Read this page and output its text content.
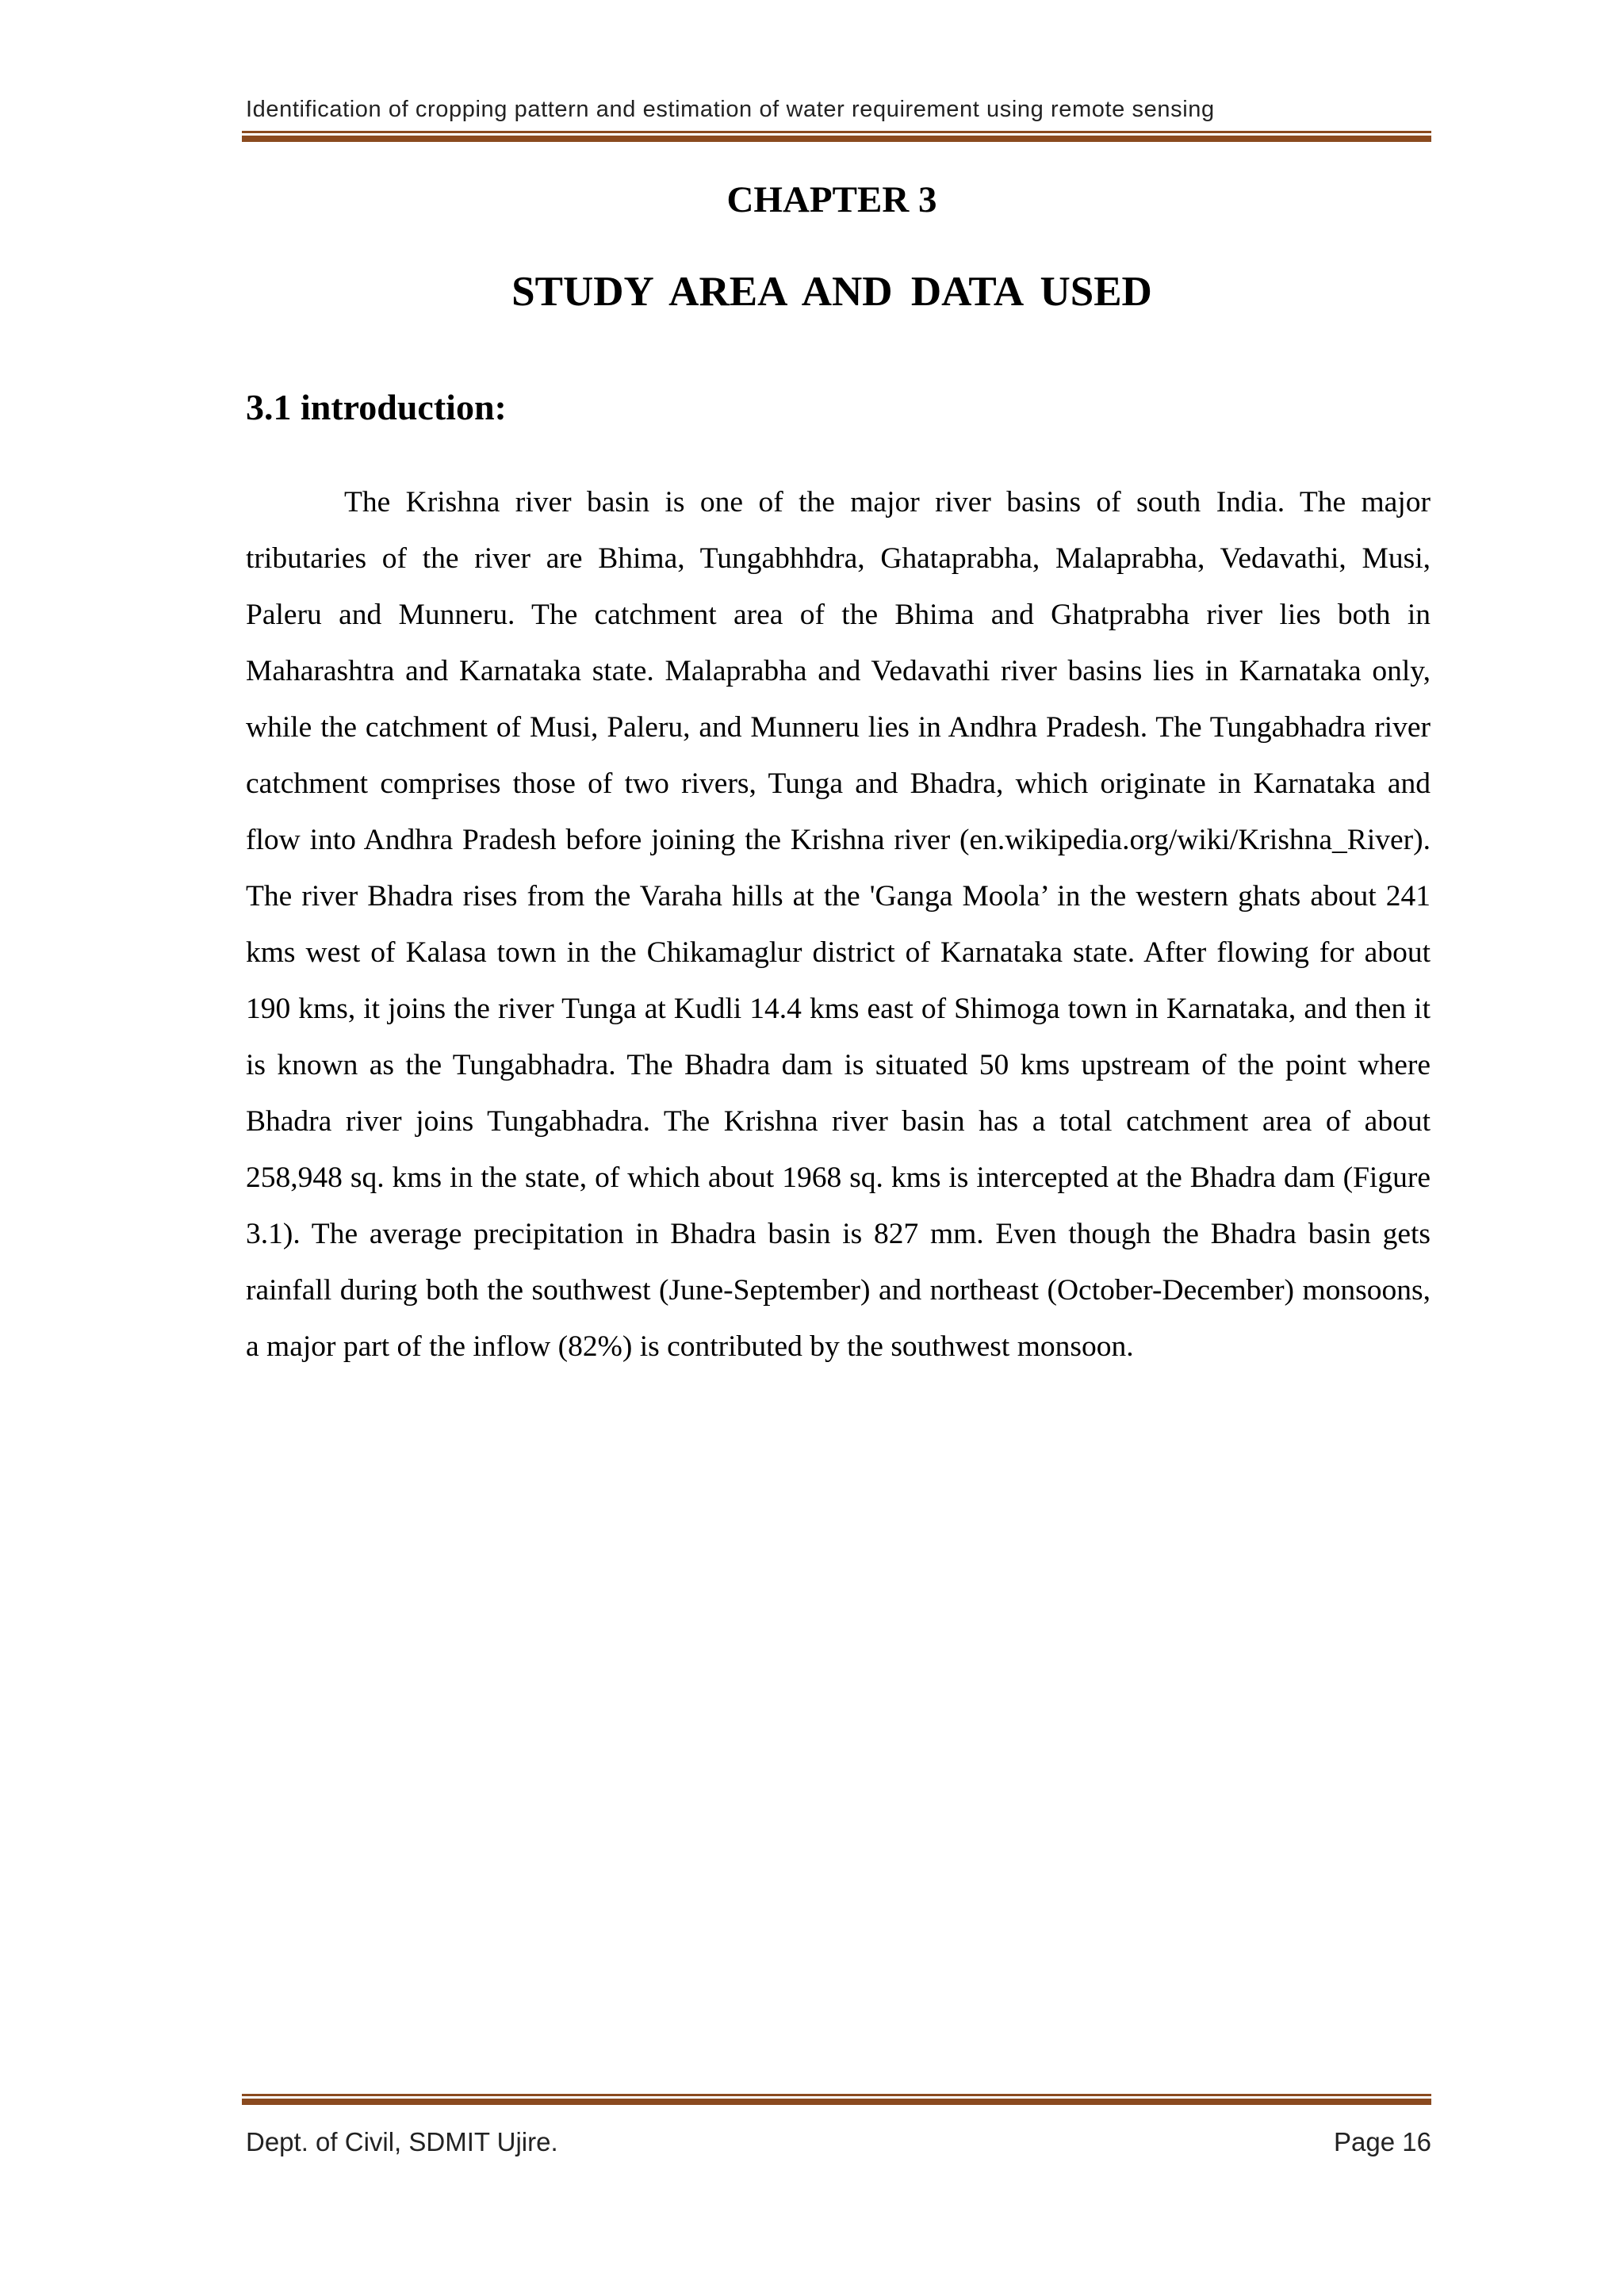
Identification of cropping pattern and estimation of water requirement using remote sensing
CHAPTER 3
STUDY AREA AND DATA USED
3.1 introduction:

The Krishna river basin is one of the major river basins of south India. The major tributaries of the river are Bhima, Tungabhhdra, Ghataprabha, Malaprabha, Vedavathi, Musi, Paleru and Munneru. The catchment area of the Bhima and Ghatprabha river lies both in Maharashtra and Karnataka state. Malaprabha and Vedavathi river basins lies in Karnataka only, while the catchment of Musi, Paleru, and Munneru lies in Andhra Pradesh. The Tungabhadra river catchment comprises those of two rivers, Tunga and Bhadra, which originate in Karnataka and flow into Andhra Pradesh before joining the Krishna river (en.wikipedia.org/wiki/Krishna_River). The river Bhadra rises from the Varaha hills at the 'Ganga Moola’ in the western ghats about 241 kms west of Kalasa town in the Chikamaglur district of Karnataka state. After flowing for about 190 kms, it joins the river Tunga at Kudli 14.4 kms east of Shimoga town in Karnataka, and then it is known as the Tungabhadra. The Bhadra dam is situated 50 kms upstream of the point where Bhadra river joins Tungabhadra. The Krishna river basin has a total catchment area of about 258,948 sq. kms in the state, of which about 1968 sq. kms is intercepted at the Bhadra dam (Figure 3.1). The average precipitation in Bhadra basin is 827 mm. Even though the Bhadra basin gets rainfall during both the southwest (June-September) and northeast (October-December) monsoons, a major part of the inflow (82%) is contributed by the southwest monsoon.

Dept. of Civil, SDMIT Ujire.	Page 16
